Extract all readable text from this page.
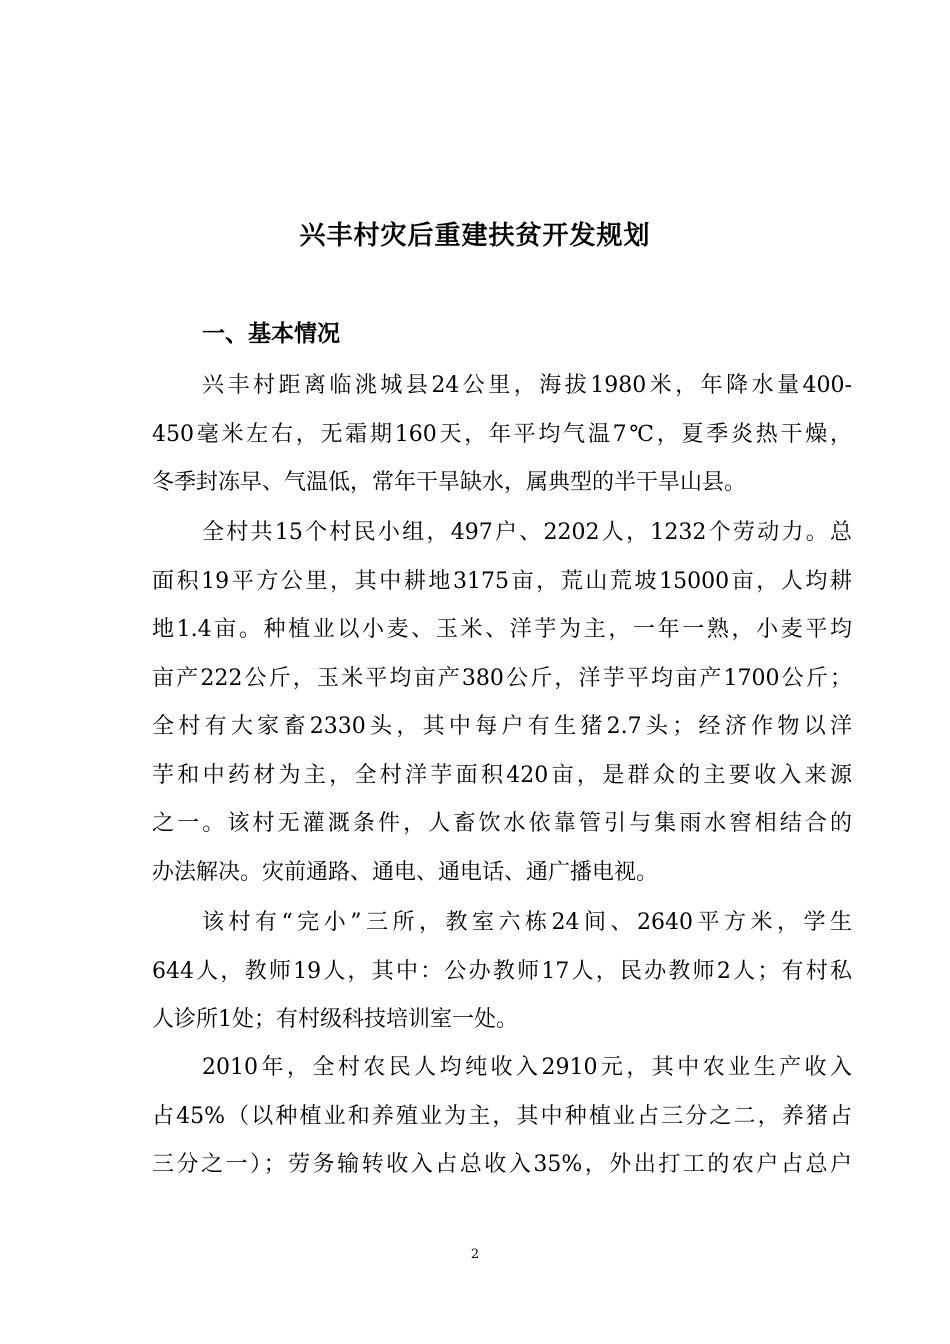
兴丰村灾后重建扶贫开发规划
一、基本情况
兴丰村距离临洮城县24公里，海拔1980米，年降水量400-
450毫米左右，无霜期160天，年平均气温7℃，夏季炎热干燥，
冬季封冻早、气温低，常年干旱缺水，属典型的半干旱山县。
全村共15个村民小组，497户、2202人，1232个劳动力。总
面积19平方公里，其中耕地3175亩，荒山荒坡15000亩，人均耕
地1.4亩。种植业以小麦、玉米、洋芋为主，一年一熟，小麦平均
亩产222公斤，玉米平均亩产380公斤，洋芋平均亩产1700公斤；
全村有大家畜2330头，其中每户有生猪2.7头；经济作物以洋
芋和中药材为主，全村洋芋面积420亩，是群众的主要收入来源
之一。该村无灌溉条件，人畜饮水依靠管引与集雨水窖相结合的
办法解决。灾前通路、通电、通电话、通广播电视。
该村有“完小”三所，教室六栋24间、2640平方米，学生
644人，教师19人，其中：公办教师17人，民办教师2人；有村私
人诊所1处；有村级科技培训室一处。
2010年，全村农民人均纯收入2910元，其中农业生产收入
占45%（以种植业和养殖业为主，其中种植业占三分之二，养猪占
三分之一）；劳务输转收入占总收入35%，外出打工的农户占总户
2
